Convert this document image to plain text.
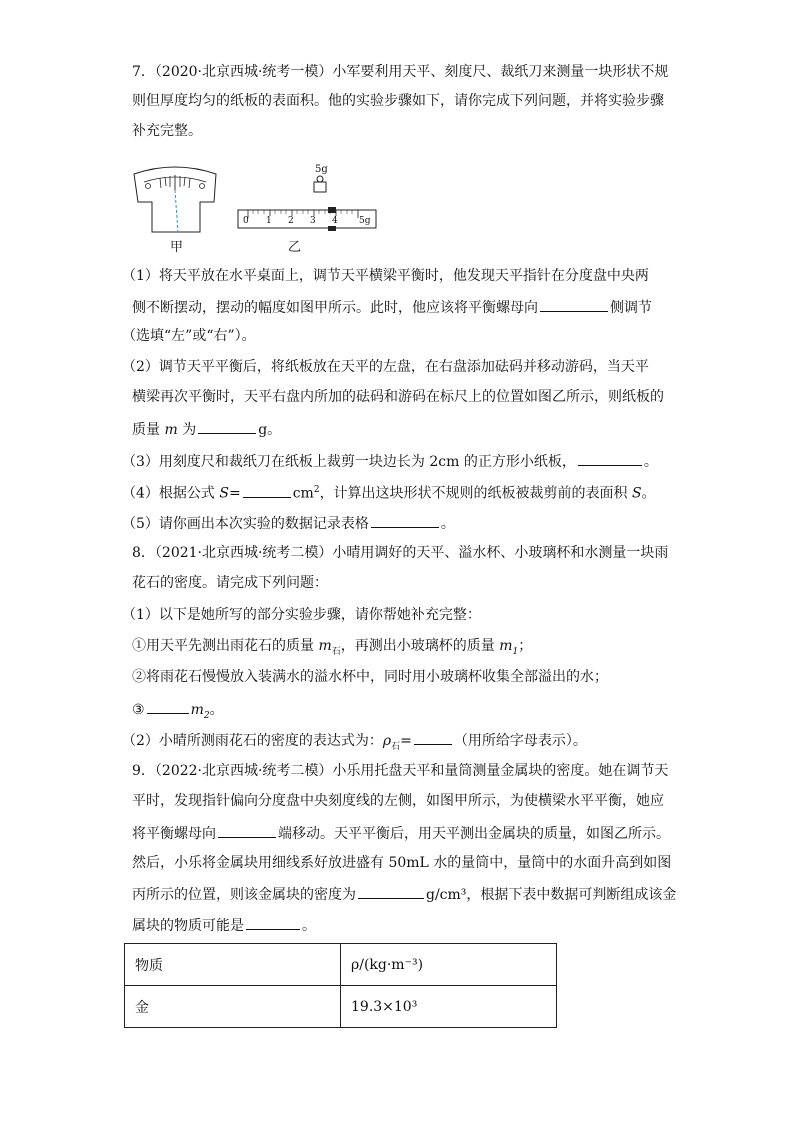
7．（2020·北京西城·统考一模）小军要利用天平、刻度尺、裁纸刀来测量一块形状不规
则但厚度均匀的纸板的表面积。他的实验步骤如下，请你完成下列问题，并将实验步骤
补充完整。
5g
0 1 2 3 4 5g
甲	乙
（1）将天平放在水平桌面上，调节天平横梁平衡时，他发现天平指针在分度盘中央两
侧不断摆动，摆动的幅度如图甲所示。此时，他应该将平衡螺母向	侧调节
（选填“左”或“右”）。
（2）调节天平平衡后，将纸板放在天平的左盘，在右盘添加砝码并移动游码，当天平
横梁再次平衡时，天平右盘内所加的砝码和游码在标尺上的位置如图乙所示，则纸板的
质量 m 为	g。
（3）用刻度尺和裁纸刀在纸板上裁剪一块边长为 2cm 的正方形小纸板，	。
（4）根据公式 S=	$cm^2$，计算出这块形状不规则的纸板被裁剪前的表面积 S。
（5）请你画出本次实验的数据记录表格	。
8．（2021·北京西城·统考二模）小晴用调好的天平、溢水杯、小玻璃杯和水测量一块雨
花石的密度。请完成下列问题：
（1）以下是她所写的部分实验步骤，请你帮她补充完整：
①用天平先测出雨花石的质量 $m_石$，再测出小玻璃杯的质量 $m_1$；
②将雨花石慢慢放入装满水的溢水杯中，同时用小玻璃杯收集全部溢出的水；
③	$m_2$。
（2）小晴所测雨花石的密度的表达式为：$\rho_石=$	（用所给字母表示）。
9．（2022·北京西城·统考二模）小乐用托盘天平和量筒测量金属块的密度。她在调节天
平时，发现指针偏向分度盘中央刻度线的左侧，如图甲所示，为使横梁水平平衡，她应
将平衡螺母向	端移动。天平平衡后，用天平测出金属块的质量，如图乙所示。
然后，小乐将金属块用细线系好放进盛有 50mL 水的量筒中，量筒中的水面升高到如图
丙所示的位置，则该金属块的密度为	g/cm³，根据下表中数据可判断组成该金
属块的物质可能是	。
物质	ρ/(kg·m⁻³)
金	19.3×10³
